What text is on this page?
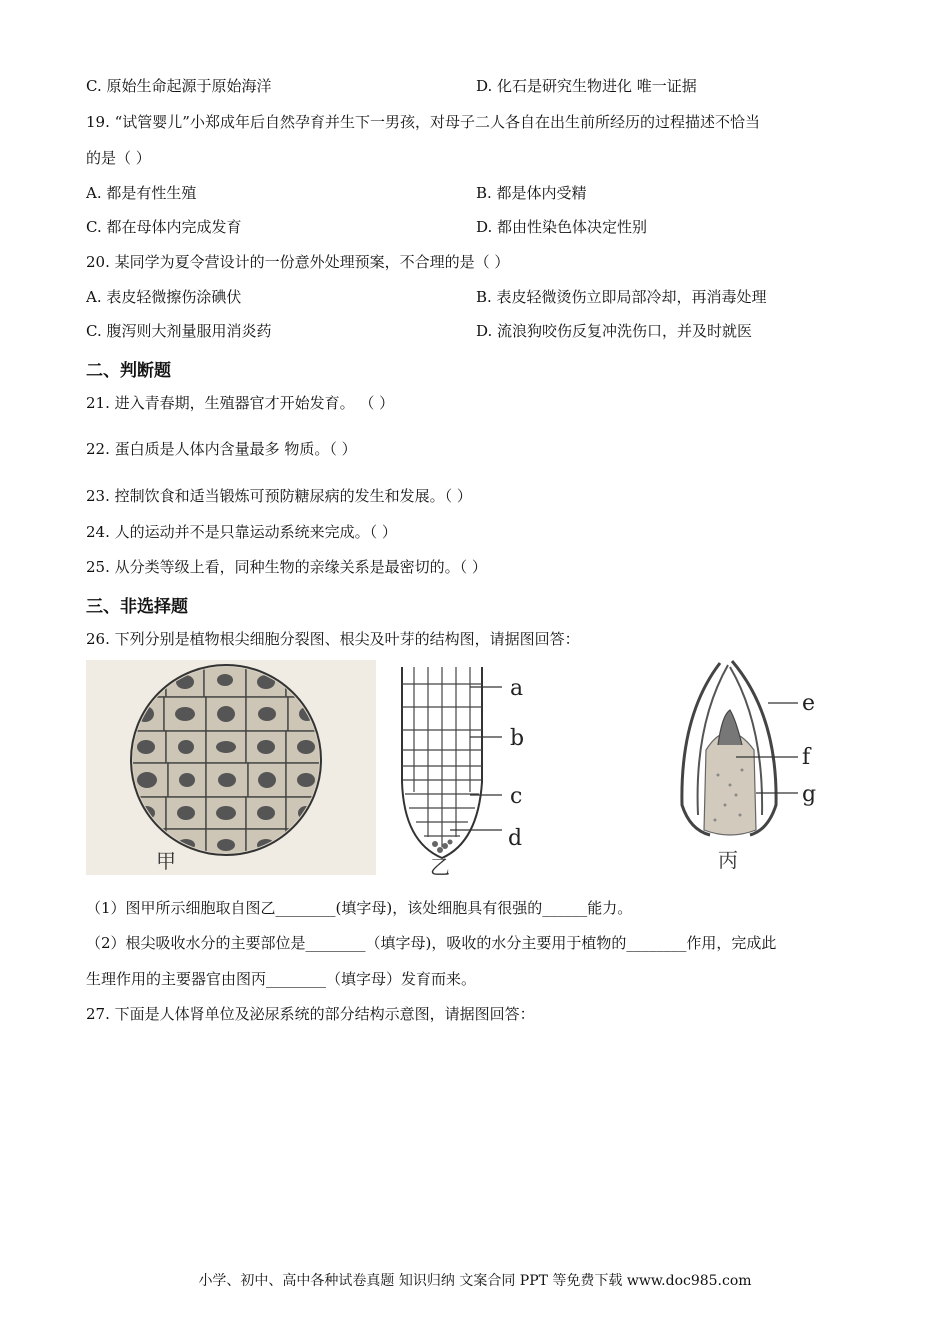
C. 原始生命起源于原始海洋	D. 化石是研究生物进化 唯一证据
19. “试管婴儿”小郑成年后自然孕育并生下一男孩，对母子二人各自在出生前所经历的过程描述不恰当
的是（ ）
A. 都是有性生殖	B. 都是体内受精
C. 都在母体内完成发育	D. 都由性染色体决定性别
20. 某同学为夏令营设计的一份意外处理预案，不合理的是（ ）
A. 表皮轻微擦伤涂碘伏	B. 表皮轻微烫伤立即局部冷却，再消毒处理
C. 腹泻则大剂量服用消炎药	D. 流浪狗咬伤反复冲洗伤口，并及时就医
二、判断题
21. 进入青春期，生殖器官才开始发育。 （ ）
22. 蛋白质是人体内含量最多 物质。（ ）
23. 控制饮食和适当锻炼可预防糖尿病的发生和发展。（ ）
24. 人的运动并不是只靠运动系统来完成。（ ）
25. 从分类等级上看，同种生物的亲缘关系是最密切的。（ ）
三、非选择题
26. 下列分别是植物根尖细胞分裂图、根尖及叶芽的结构图，请据图回答：
甲
a
b
c
d
乙
e
f
g
丙
（1）图甲所示细胞取自图乙________(填字母)，该处细胞具有很强的______能力。
（2）根尖吸收水分的主要部位是________（填字母)，吸收的水分主要用于植物的________作用，完成此
生理作用的主要器官由图丙________（填字母）发育而来。
27. 下面是人体肾单位及泌尿系统的部分结构示意图，请据图回答：
小学、初中、高中各种试卷真题 知识归纳 文案合同 PPT 等免费下载 www.doc985.com
